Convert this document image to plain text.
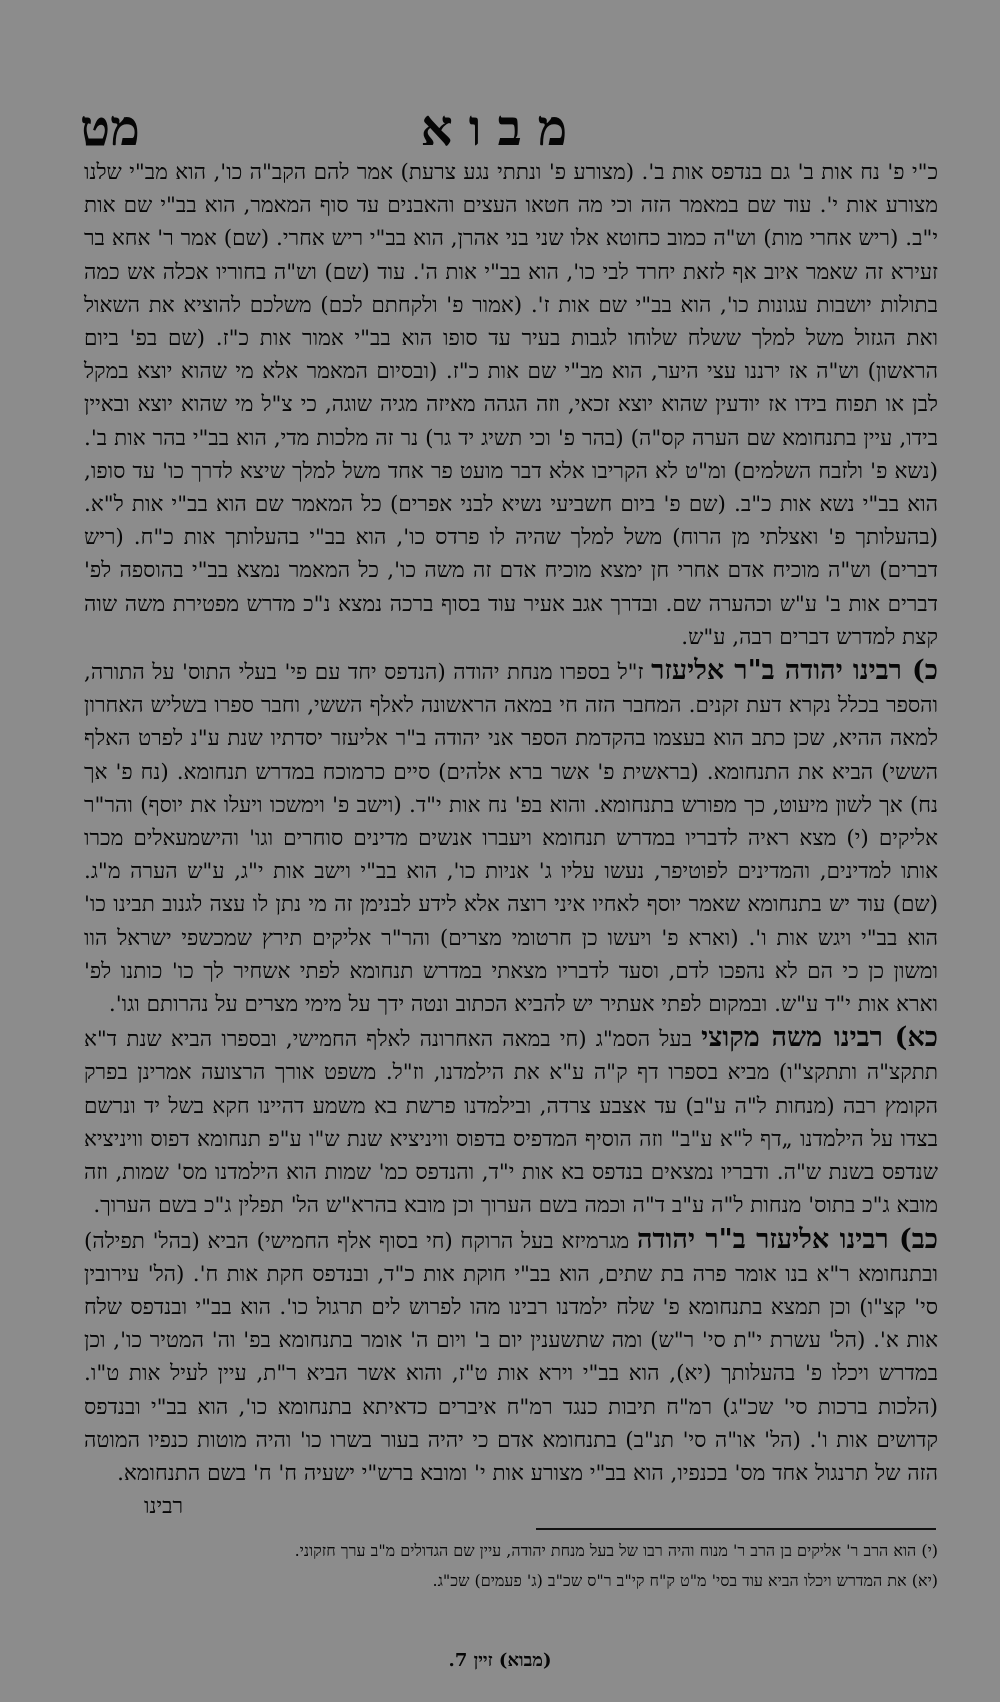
מבוא
מט

כ"י פ' נח אות ב' גם בנדפס אות ב'. (מצורע פ' ונתתי נגע צרעת) אמר להם הקב"ה כו', הוא מב"י שלנו מצורע אות י'. עוד שם במאמר הזה וכי מה חטאו העצים והאבנים עד סוף המאמר, הוא בב"י שם אות י"ב. (ריש אחרי מות) וש"ה כמוב כחוטא אלו שני בני אהרן, הוא בב"י ריש אחרי. (שם) אמר ר' אחא בר זעירא זה שאמר איוב אף לזאת יחרד לבי כו', הוא בב"י אות ה'. עוד (שם) וש"ה בחוריו אכלה אש כמה בתולות יושבות עגונות כו', הוא בב"י שם אות ז'. (אמור פ' ולקחתם לכם) משלכם להוציא את השאול ואת הגזול משל למלך ששלח שלוחו לגבות בעיר עד סופו הוא בב"י אמור אות כ"ז. (שם בפ' ביום הראשון) וש"ה אז ירננו עצי היער, הוא מב"י שם אות כ"ז. (ובסיום המאמר אלא מי שהוא יוצא במקל לבן או תפוח בידו אז יודעין שהוא יוצא זכאי, וזה הגהה מאיזה מגיה שוגה, כי צ"ל מי שהוא יוצא ובאיין בידו, עיין בתנחומא שם הערה קס"ה) (בהר פ' וכי תשיג יד גר) נר זה מלכות מדי, הוא בב"י בהר אות ב'. (נשא פ' ולזבח השלמים) ומ"ט לא הקריבו אלא דבר מועט פר אחד משל למלך שיצא לדרך כו' עד סופו, הוא בב"י נשא אות כ"ב. (שם פ' ביום חשביעי נשיא לבני אפרים) כל המאמר שם הוא בב"י אות ל"א. (בהעלותך פ' ואצלתי מן הרוח) משל למלך שהיה לו פרדס כו', הוא בב"י בהעלותך אות כ"ח. (ריש דברים) וש"ה מוכיח אדם אחרי חן ימצא מוכיח אדם זה משה כו', כל המאמר נמצא בב"י בהוספה לפ' דברים אות ב' ע"ש וכהערה שם. ובדרך אגב אעיר עוד בסוף ברכה נמצא נ"כ מדרש מפטירת משה שוה קצת למדרש דברים רבה, ע"ש.

כ) רבינו יהודה ב"ר אליעזר ז"ל בספרו מנחת יהודה (הנדפס יחד עם פי' בעלי התוס' על התורה, והספר בכלל נקרא דעת זקנים. המחבר הזה חי במאה הראשונה לאלף הששי, וחבר ספרו בשליש האחרון למאה ההיא, שכן כתב הוא בעצמו בהקדמת הספר אני יהודה ב"ר אליעזר יסדתיו שנת ע"נ לפרט האלף הששי) הביא את התנחומא. (בראשית פ' אשר ברא אלהים) סיים כרמוכח במדרש תנחומא. (נח פ' אך נח) אך לשון מיעוט, כך מפורש בתנחומא. והוא בפ' נח אות י"ד. (וישב פ' וימשכו ויעלו את יוסף) והר"ר אליקים (י) מצא ראיה לדבריו במדרש תנחומא ויעברו אנשים מדינים סוחרים וגו' והישמעאלים מכרו אותו למדינים, והמדינים לפוטיפר, נעשו עליו ג' אניות כו', הוא בב"י וישב אות י"ג, ע"ש הערה מ"ג. (שם) עוד יש בתנחומא שאמר יוסף לאחיו איני רוצה אלא לידע לבנימן זה מי נתן לו עצה לגנוב תבינו כו' הוא בב"י ויגש אות ו'. (וארא פ' ויעשו כן חרטומי מצרים) והר"ר אליקים תירץ שמכשפי ישראל הוו ומשון כן כי הם לא נהפכו לדם, וסעד לדבריו מצאתי במדרש תנחומא לפתי אשחיר לך כו' כותנו לפ' וארא אות י"ד ע"ש. ובמקום לפתי אעתיר יש להביא הכתוב ונטה ידך על מימי מצרים על נהרותם וגו'.

כא) רבינו משה מקוצי בעל הסמ"ג (חי במאה האחרונה לאלף החמישי, ובספרו הביא שנת ד"א תתקצ"ה ותתקצ"ו) מביא בספרו דף ק"ה ע"א את הילמדנו, וז"ל. משפט אורך הרצועה אמרינן בפרק הקומץ רבה (מנחות ל"ה ע"ב) עד אצבע צרדה, ובילמדנו פרשת בא משמע דהיינו חקא בשל יד ונרשם בצדו על הילמדנו „דף ל"א ע"ב" וזה הוסיף המדפיס בדפוס וויניציא שנת ש"ו ע"פ תנחומא דפוס וויניציא שנדפס בשנת ש"ה. ודבריו נמצאים בנדפס בא אות י"ד, והנדפס כמ' שמות הוא הילמדנו מס' שמות, וזה מובא ג"כ בתוס' מנחות ל"ה ע"ב ד"ה וכמה בשם הערוך וכן מובא בהרא"ש הל' תפלין ג"כ בשם הערוך.

כב) רבינו אליעזר ב"ר יהודה מגרמיזא בעל הרוקח (חי בסוף אלף החמישי) הביא (בהל' תפילה) ובתנחומא ר"א בנו אומר פרה בת שתים, הוא בב"י חוקת אות כ"ד, ובנדפס חקת אות ח'. (הל' עירובין סי' קצ"ו) וכן תמצא בתנחומא פ' שלח ילמדנו רבינו מהו לפרוש לים תרגול כו'. הוא בב"י ובנדפס שלח אות א'. (הל' עשרת י"ת סי' ר"ש) ומה שתשענין יום ב' ויום ה' אומר בתנחומא בפ' וה' המטיר כו', וכן במדרש ויכלו פ' בהעלותך (יא), הוא בב"י וירא אות ט"ז, והוא אשר הביא ר"ת, עיין לעיל אות ט"ו. (הלכות ברכות סי' שכ"ג) רמ"ח תיבות כנגד רמ"ח איברים כדאיתא בתנחומא כו', הוא בב"י ובנדפס קדושים אות ו'. (הל' או"ה סי' תנ"ב) בתנחומא אדם כי יהיה בעור בשרו כו' והיה מוטות כנפיו המוטה הזה של תרנגול אחד מס' בכנפיו, הוא בב"י מצורע אות י' ומובא ברש"י ישעיה ח' ח' בשם התנחומא.

רבינו

(י) הוא הרב ר' אליקים בן הרב ר' מנוח והיה רבו של בעל מנחת יהודה, עיין שם הגדולים מ"ב ערך חזקוני.

(יא) את המדרש ויכלו הביא עוד בסי' מ"ט ק"ח קי"ב ר"ס שכ"ב (ג' פעמים) שכ"ג.

(מבוא) זיין 7.
